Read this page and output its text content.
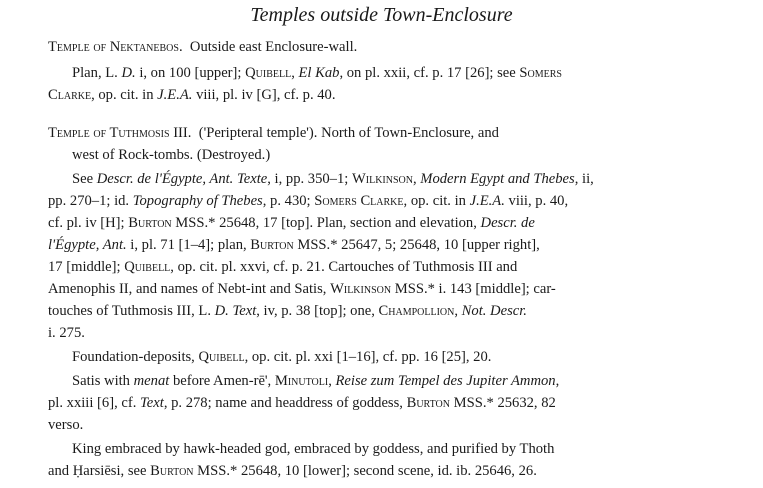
Temples outside Town-Enclosure
Temple of Nektanebos. Outside east Enclosure-wall.
Plan, L. D. i, on 100 [upper]; Quibell, El Kab, on pl. xxii, cf. p. 17 [26]; see Somers
Clarke, op. cit. in J.E.A. viii, pl. iv [G], cf. p. 40.
Temple of Tuthmosis III. ('Peripteral temple'). North of Town-Enclosure, and
west of Rock-tombs. (Destroyed.)
See Descr. de l'Égypte, Ant. Texte, i, pp. 350–1; Wilkinson, Modern Egypt and Thebes, ii,
pp. 270–1; id. Topography of Thebes, p. 430; Somers Clarke, op. cit. in J.E.A. viii, p. 40,
cf. pl. iv [H]; Burton MSS.* 25648, 17 [top]. Plan, section and elevation, Descr. de
l'Égypte, Ant. i, pl. 71 [1–4]; plan, Burton MSS.* 25647, 5; 25648, 10 [upper right],
17 [middle]; Quibell, op. cit. pl. xxvi, cf. p. 21. Cartouches of Tuthmosis III and
Amenophis II, and names of Nebt-int and Satis, Wilkinson MSS.* i. 143 [middle]; car-
touches of Tuthmosis III, L. D. Text, iv, p. 38 [top]; one, Champollion, Not. Descr.
i. 275.
Foundation-deposits, Quibell, op. cit. pl. xxi [1–16], cf. pp. 16 [25], 20.
Satis with menat before Amen-rē', Minutoli, Reise zum Tempel des Jupiter Ammon,
pl. xxiii [6], cf. Text, p. 278; name and headdress of goddess, Burton MSS.* 25632, 82
verso.
King embraced by hawk-headed god, embraced by goddess, and purified by Thoth
and Ḥarsiēsi, see Burton MSS.* 25648, 10 [lower]; second scene, id. ib. 25646, 26.
